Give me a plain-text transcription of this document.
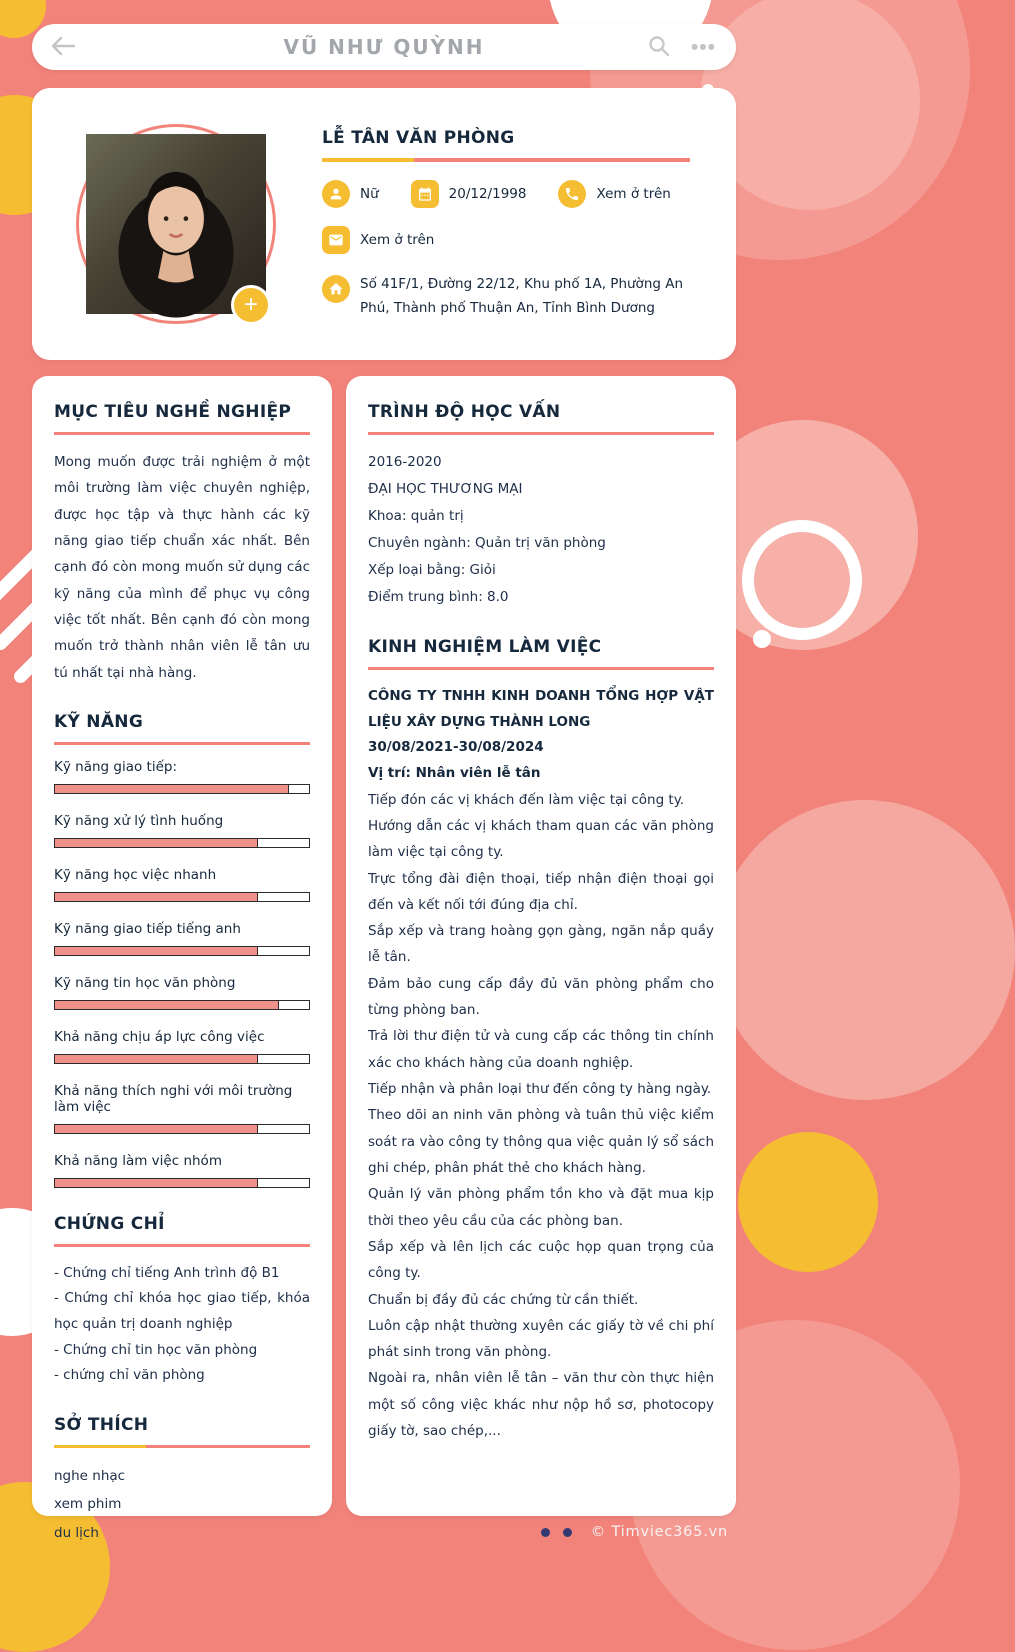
VŨ NHƯ QUỲNH	•••
+
LỄ TÂN VĂN PHÒNG
Nữ	20/12/1998	Xem ở trên
Xem ở trên
Số 41F/1, Đường 22/12, Khu phố 1A, Phường An Phú, Thành phố Thuận An, Tỉnh Bình Dương
MỤC TIÊU NGHỀ NGHIỆP

Mong muốn được trải nghiệm ở một môi trường làm việc chuyên nghiệp, được học tập và thực hành các kỹ năng giao tiếp chuẩn xác nhất. Bên cạnh đó còn mong muốn sử dụng các kỹ năng của mình để phục vụ công việc tốt nhất. Bên cạnh đó còn mong muốn trở thành nhân viên lễ tân ưu tú nhất tại nhà hàng.

KỸ NĂNG
Kỹ năng giao tiếp:
Kỹ năng xử lý tình huống
Kỹ năng học việc nhanh
Kỹ năng giao tiếp tiếng anh
Kỹ năng tin học văn phòng
Khả năng chịu áp lực công việc
Khả năng thích nghi với môi trường làm việc
Khả năng làm việc nhóm
CHỨNG CHỈ

- Chứng chỉ tiếng Anh trình độ B1

- Chứng chỉ khóa học giao tiếp, khóa học quản trị doanh nghiệp

- Chứng chỉ tin học văn phòng

- chứng chỉ văn phòng

SỞ THÍCH

nghe nhạc

xem phim

du lịch

TRÌNH ĐỘ HỌC VẤN

2016-2020

ĐẠI HỌC THƯƠNG MẠI

Khoa: quản trị

Chuyên ngành: Quản trị văn phòng

Xếp loại bằng: Giỏi

Điểm trung bình: 8.0

KINH NGHIỆM LÀM VIỆC

CÔNG TY TNHH KINH DOANH TỔNG HỢP VẬT LIỆU XÂY DỰNG THÀNH LONG

30/08/2021-30/08/2024

Vị trí: Nhân viên lễ tân

Tiếp đón các vị khách đến làm việc tại công ty.

Hướng dẫn các vị khách tham quan các văn phòng làm việc tại công ty.

Trực tổng đài điện thoại, tiếp nhận điện thoại gọi đến và kết nối tới đúng địa chỉ.

Sắp xếp và trang hoàng gọn gàng, ngăn nắp quầy lễ tân.

Đảm bảo cung cấp đầy đủ văn phòng phẩm cho từng phòng ban.

Trả lời thư điện tử và cung cấp các thông tin chính xác cho khách hàng của doanh nghiệp.

Tiếp nhận và phân loại thư đến công ty hàng ngày.

Theo dõi an ninh văn phòng và tuân thủ việc kiểm soát ra vào công ty thông qua việc quản lý sổ sách ghi chép, phân phát thẻ cho khách hàng.

Quản lý văn phòng phẩm tồn kho và đặt mua kịp thời theo yêu cầu của các phòng ban.

Sắp xếp và lên lịch các cuộc họp quan trọng của công ty.

Chuẩn bị đầy đủ các chứng từ cần thiết.

Luôn cập nhật thường xuyên các giấy tờ về chi phí phát sinh trong văn phòng.

Ngoài ra, nhân viên lễ tân – văn thư còn thực hiện một số công việc khác như nộp hồ sơ, photocopy giấy tờ, sao chép,...

© Timviec365.vn
